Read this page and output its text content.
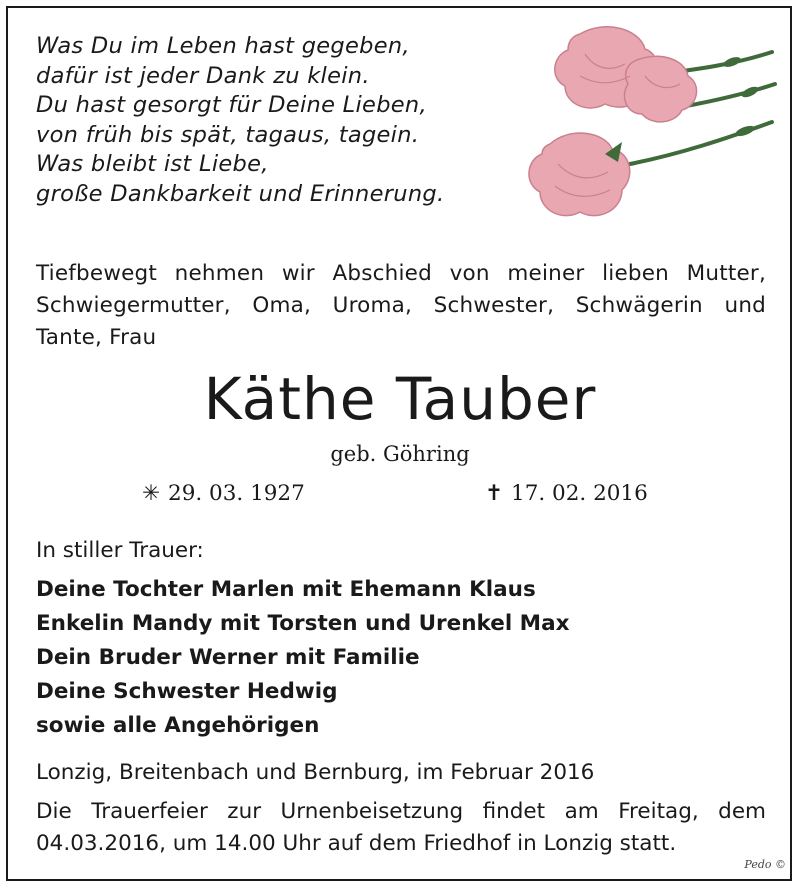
Was Du im Leben hast gegeben,
dafür ist jeder Dank zu klein.
Du hast gesorgt für Deine Lieben,
von früh bis spät, tagaus, tagein.
Was bleibt ist Liebe,
große Dankbarkeit und Erinnerung.
Tiefbewegt nehmen wir Abschied von meiner lieben Mutter,
Schwiegermutter, Oma, Uroma, Schwester, Schwägerin und
Tante, Frau
Käthe Tauber
geb. Göhring
✳ 29. 03. 1927	✝ 17. 02. 2016
In stiller Trauer:
Deine Tochter Marlen mit Ehemann Klaus
Enkelin Mandy mit Torsten und Urenkel Max
Dein Bruder Werner mit Familie
Deine Schwester Hedwig
sowie alle Angehörigen
Lonzig, Breitenbach und Bernburg, im Februar 2016
Die Trauerfeier zur Urnenbeisetzung findet am Freitag, dem
04.03.2016, um 14.00 Uhr auf dem Friedhof in Lonzig statt.
Pedo ©
